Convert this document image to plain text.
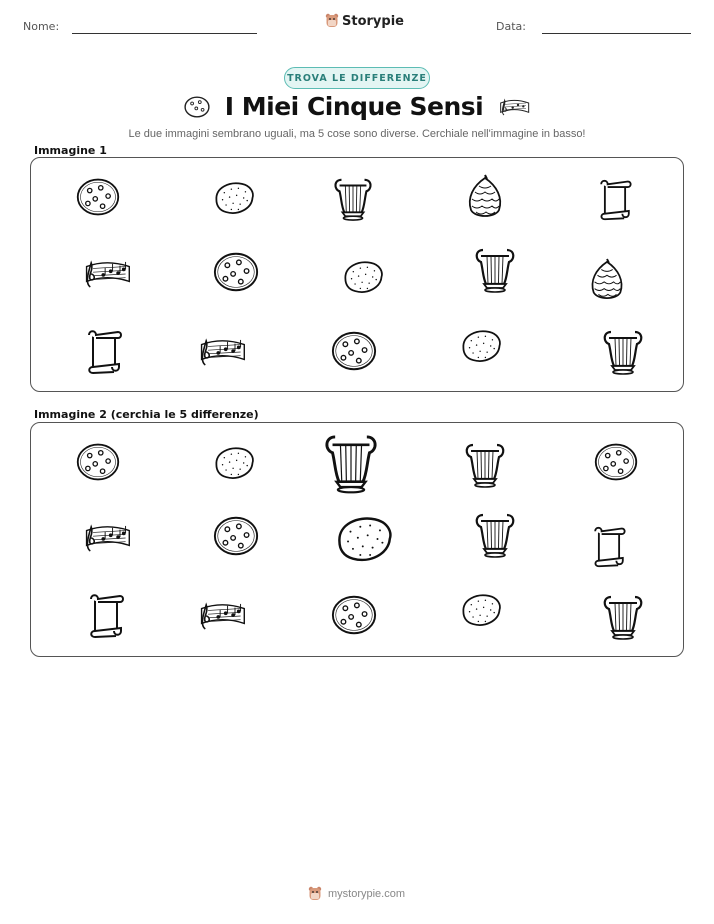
Nome:	Storypie	Data:
TROVA LE DIFFERENZE
I Miei Cinque Sensi
Le due immagini sembrano uguali, ma 5 cose sono diverse. Cerchiale nell'immagine in basso!
Immagine 1
Immagine 2 (cerchia le 5 differenze)
mystorypie.com
